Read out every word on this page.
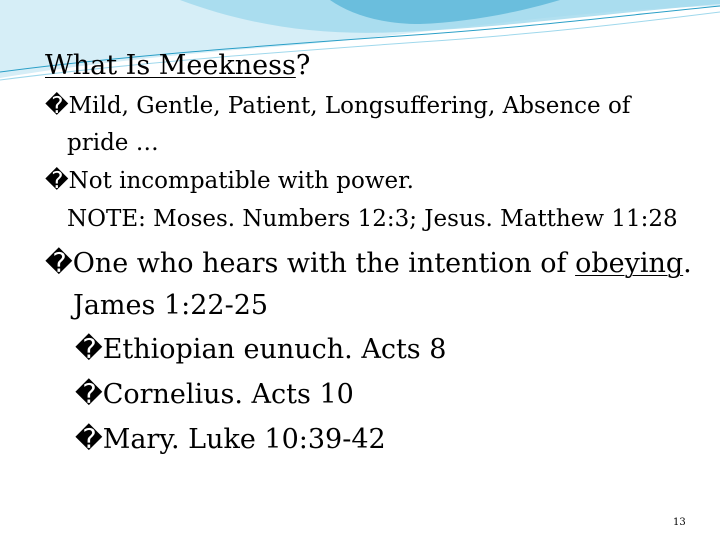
What Is Meekness?
�Mild, Gentle, Patient, Longsuffering, Absence of
pride …
�Not incompatible with power.
NOTE: Moses. Numbers 12:3; Jesus. Matthew 11:28
�One who hears with the intention of obeying.
James 1:22-25
�Ethiopian eunuch. Acts 8
�Cornelius. Acts 10
�Mary. Luke 10:39-42
13
